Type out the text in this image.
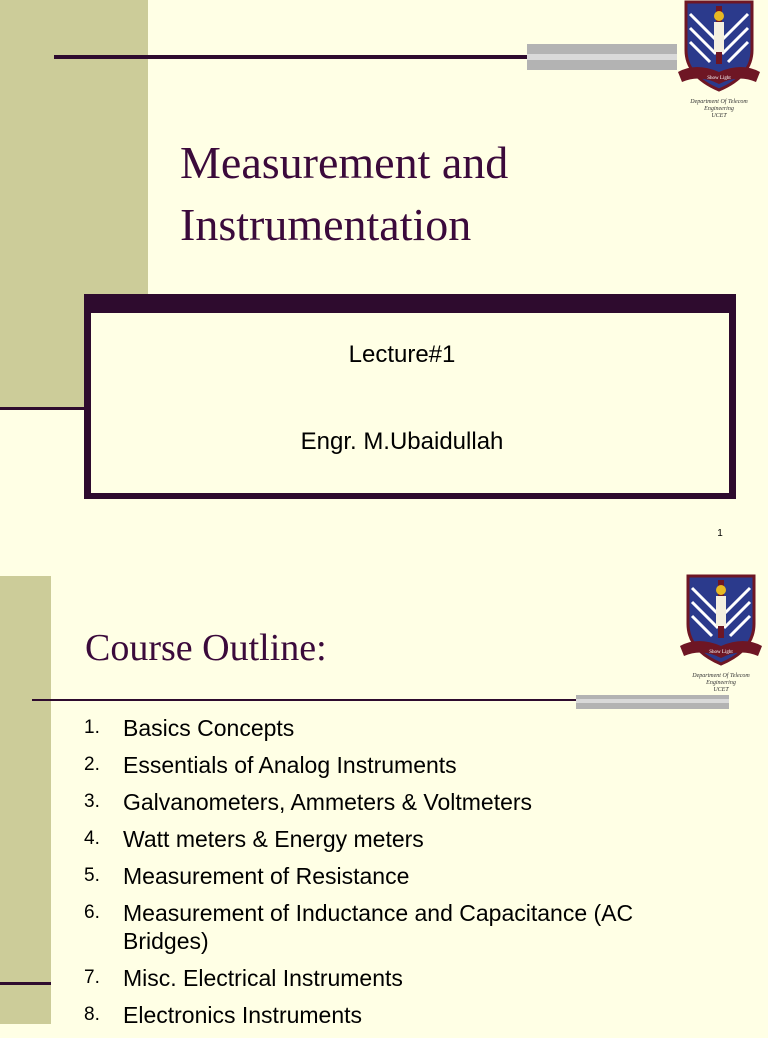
Show Light
Department Of Telecom Engineering
UCET
Measurement and
Instrumentation
Lecture#1
Engr. M.Ubaidullah
1
Show Light
Department Of Telecom Engineering
UCET
Course Outline:
1.	Basics Concepts
2.	Essentials of Analog Instruments
3.	Galvanometers, Ammeters & Voltmeters
4.	Watt meters & Energy meters
5.	Measurement of Resistance
6.	Measurement of Inductance and Capacitance (AC Bridges)
7.	Misc. Electrical Instruments
8.	Electronics Instruments
